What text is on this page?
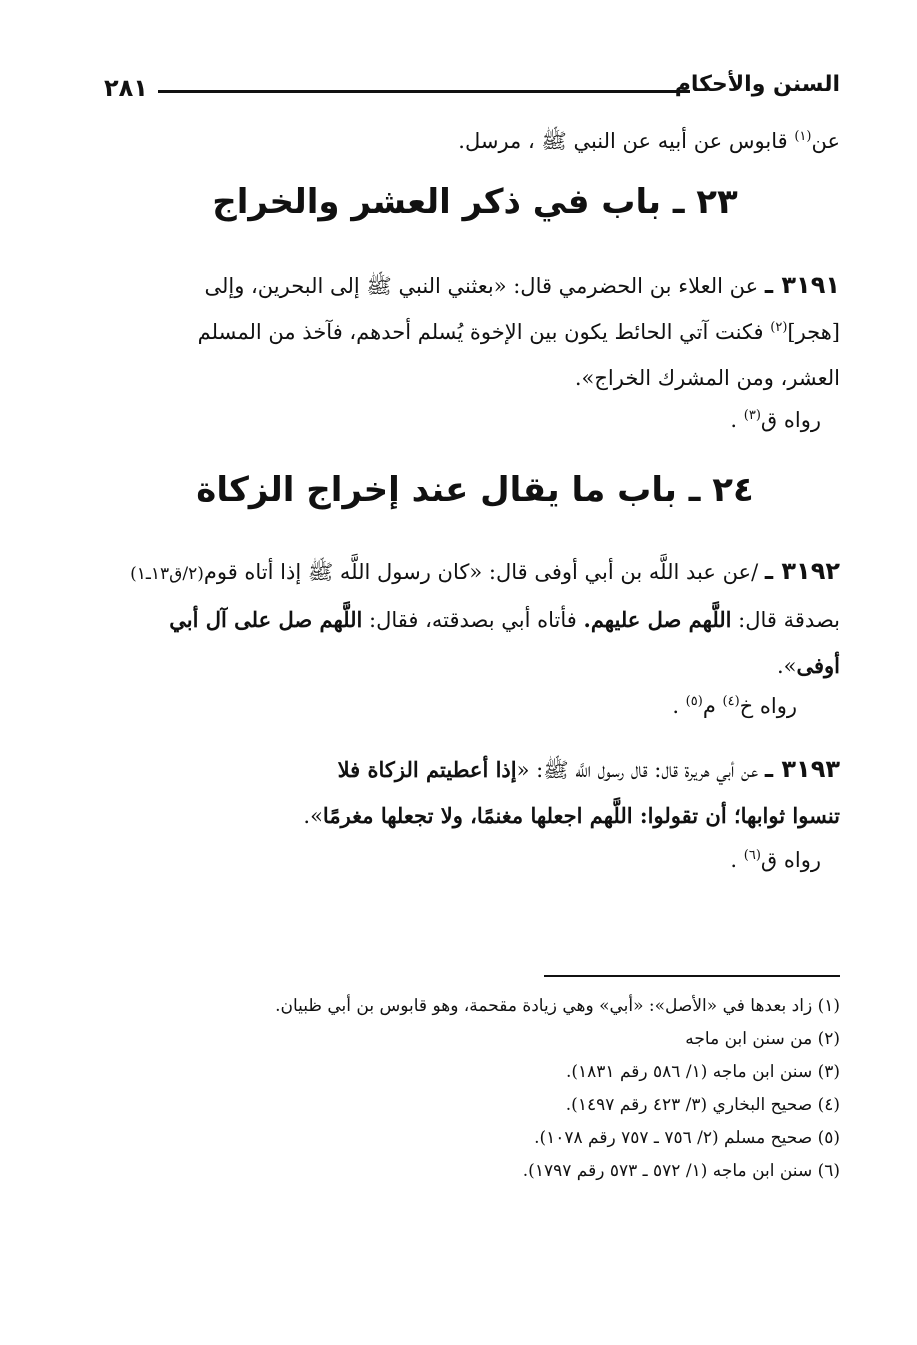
٢٨١	السنن والأحكام

عن$^{(١)}$ قابوس عن أبيه عن النبي ﷺ ، مرسل.

٢٣ ـ باب في ذكر العشر والخراج

٣١٩١ ـ عن العلاء بن الحضرمي قال: «بعثني النبي ﷺ إلى البحرين، وإلى

[هجر]$^{(٢)}$ فكنت آتي الحائط يكون بين الإخوة يُسلم أحدهم، فآخذ من المسلم

العشر، ومن المشرك الخراج».

رواه ق$^{(٣)}$ .
٢٤ ـ باب ما يقال عند إخراج الزكاة

٣١٩٢ ـ /عن عبد اللَّه بن أبي أوفى قال: «كان رسول اللَّه ﷺ إذا أتاه قوم(٢/ق١٣ـ١)

بصدقة قال: اللَّهم صل عليهم. فأتاه أبي بصدقته، فقال: اللَّهم صل على آل أبي

أوفى».

رواه خ$^{(٤)}$ م$^{(٥)}$ .

٣١٩٣ ـ عن أبي هريرة قال: قال رسول اللَّه ﷺ: «إذا أعطيتم الزكاة فلا

تنسوا ثوابها؛ أن تقولوا: اللَّهم اجعلها مغنمًا، ولا تجعلها مغرمًا».

رواه ق$^{(٦)}$ .
(١) زاد بعدها في «الأصل»: «أبي» وهي زيادة مقحمة، وهو قابوس بن أبي ظبيان.
(٢) من سنن ابن ماجه
(٣) سنن ابن ماجه (١/ ٥٨٦ رقم ١٨٣١).
(٤) صحيح البخاري (٣/ ٤٢٣ رقم ١٤٩٧).
(٥) صحيح مسلم (٢/ ٧٥٦ ـ ٧٥٧ رقم ١٠٧٨).
(٦) سنن ابن ماجه (١/ ٥٧٢ ـ ٥٧٣ رقم ١٧٩٧).
